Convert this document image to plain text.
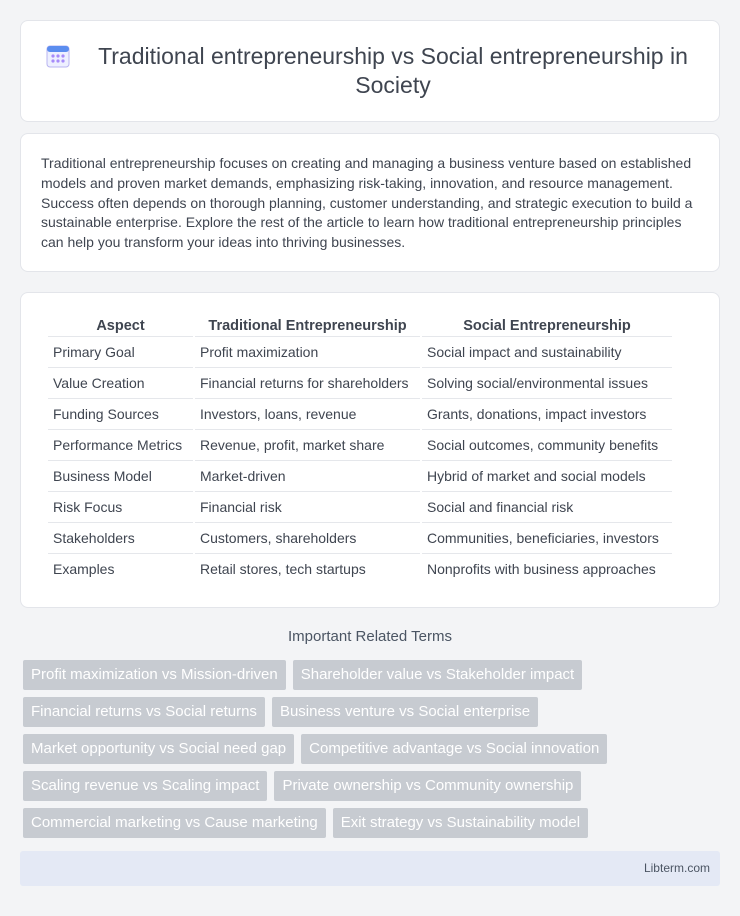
Traditional entrepreneurship vs Social entrepreneurship in Society

Traditional entrepreneurship focuses on creating and managing a business venture based on established models and proven market demands, emphasizing risk-taking, innovation, and resource management. Success often depends on thorough planning, customer understanding, and strategic execution to build a sustainable enterprise. Explore the rest of the article to learn how traditional entrepreneurship principles can help you transform your ideas into thriving businesses.

Aspect	Traditional Entrepreneurship	Social Entrepreneurship
Primary Goal	Profit maximization	Social impact and sustainability
Value Creation	Financial returns for shareholders	Solving social/environmental issues
Funding Sources	Investors, loans, revenue	Grants, donations, impact investors
Performance Metrics	Revenue, profit, market share	Social outcomes, community benefits
Business Model	Market-driven	Hybrid of market and social models
Risk Focus	Financial risk	Social and financial risk
Stakeholders	Customers, shareholders	Communities, beneficiaries, investors
Examples	Retail stores, tech startups	Nonprofits with business approaches
Important Related Terms
Profit maximization vs Mission-driven	Shareholder value vs Stakeholder impact
Financial returns vs Social returns	Business venture vs Social enterprise
Market opportunity vs Social need gap	Competitive advantage vs Social innovation
Scaling revenue vs Scaling impact	Private ownership vs Community ownership
Commercial marketing vs Cause marketing	Exit strategy vs Sustainability model
Libterm.com
